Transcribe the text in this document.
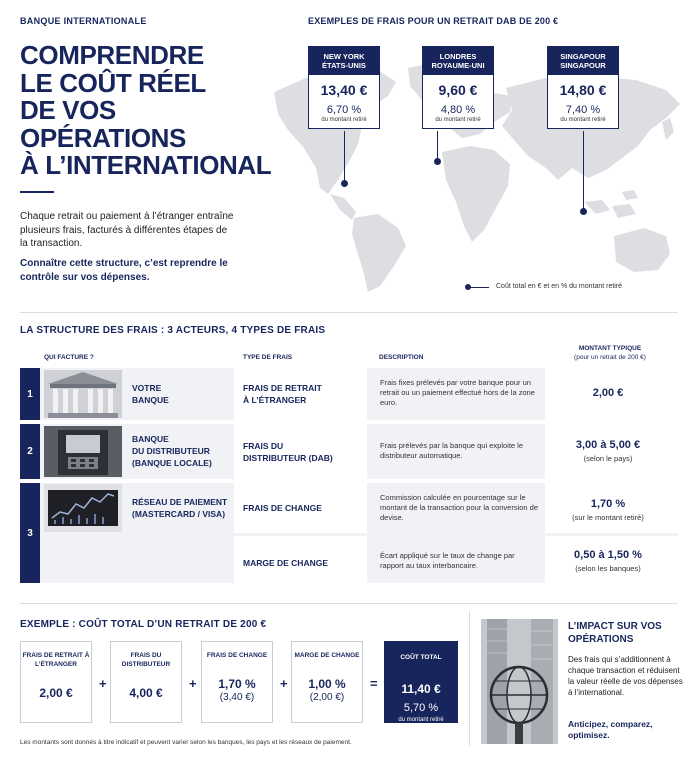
BANQUE INTERNATIONALE
COMPRENDRE
LE COÛT RÉEL
DE VOS
OPÉRATIONS
À L’INTERNATIONAL
Chaque retrait ou paiement à l’étranger entraîne plusieurs frais, facturés à différentes étapes de la transaction.
Connaître cette structure, c’est reprendre le contrôle sur vos dépenses.
EXEMPLES DE FRAIS POUR UN RETRAIT DAB DE 200 €
NEW YORK
ÉTATS-UNIS
13,40 €
6,70 %
du montant retiré
LONDRES
ROYAUME-UNI
9,60 €
4,80 %
du montant retiré
SINGAPOUR
SINGAPOUR
14,80 €
7,40 %
du montant retiré
Coût total en € et en % du montant retiré
LA STRUCTURE DES FRAIS : 3 ACTEURS, 4 TYPES DE FRAIS
QUI FACTURE ?	TYPE DE FRAIS	DESCRIPTION
MONTANT TYPIQUE
(pour un retrait de 200 €)
1
VOTRE
BANQUE
FRAIS DE RETRAIT
À L’ÉTRANGER
Frais fixes prélevés par votre banque pour un retrait ou un paiement effectué hors de la zone euro.
2,00 €
2
BANQUE
DU DISTRIBUTEUR
(BANQUE LOCALE)
FRAIS DU
DISTRIBUTEUR (DAB)
Frais prélevés par la banque qui exploite le distributeur automatique.
3,00 à 5,00 €
(selon le pays)
3
RÉSEAU DE PAIEMENT
(MASTERCARD / VISA)
FRAIS DE CHANGE
Commission calculée en pourcentage sur le montant de la transaction pour la conversion de devise.
1,70 %
(sur le montant retiré)
MARGE DE CHANGE
Écart appliqué sur le taux de change par rapport au taux interbancaire.
0,50 à 1,50 %
(selon les banques)
EXEMPLE : COÛT TOTAL D’UN RETRAIT DE 200 €
FRAIS DE RETRAIT À L’ÉTRANGER
2,00 €
+
FRAIS DU DISTRIBUTEUR
4,00 €
+
FRAIS DE CHANGE
1,70 %
(3,40 €)
+
MARGE DE CHANGE
1,00 %
(2,00 €)
=
COÛT TOTAL
11,40 €
5,70 %
du montant retiré
L’IMPACT SUR VOS OPÉRATIONS
Des frais qui s’additionnent à chaque transaction et réduisent la valeur réelle de vos dépenses à l’international.
Anticipez, comparez, optimisez.
Les montants sont donnés à titre indicatif et peuvent varier selon les banques, les pays et les réseaux de paiement.
